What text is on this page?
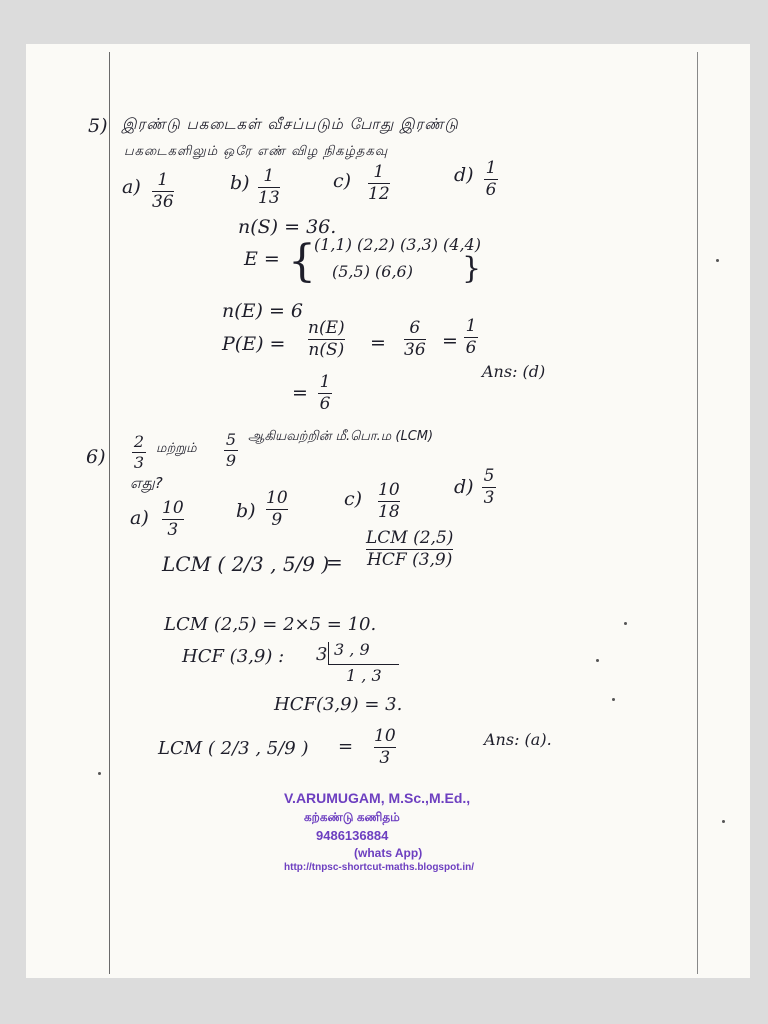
5) இரண்டு பகடைகள் வீசப்படும் போது இரண்டு

பகடைகளிலும் ஒரே எண் விழ நிகழ்தகவு

a) 1
36

b) 1
13

c) 1
12

d) 1
6

n(S) = 36.

E = {

(1,1) (2,2) (3,3) (4,4)

(5,5) (6,6) }

n(E) = 6

P(E) =

n(E)
n(S) =

6
36 =

1
6

Ans: (d)

= 1
6

6)

2
3

மற்றும் 5
9

ஆகியவற்றின் மீ.பொ.ம (LCM)

எது?

a) 10
3

b)

10
9

c) 10
18

d) 5
3

LCM ( 2/3 , 5/9 )

=

LCM (2,5)
HCF (3,9)

LCM (2,5) = 2×5 = 10.

HCF (3,9) : 3 3 , 9

1 , 3

HCF(3,9) = 3.

LCM ( 2/3 , 5/9 ) = 10
3

Ans: (a).

V.ARUMUGAM, M.Sc.,M.Ed.,

கற்கண்டு கணிதம்

9486136884

(whats App)

http://tnpsc-shortcut-maths.blogspot.in/
